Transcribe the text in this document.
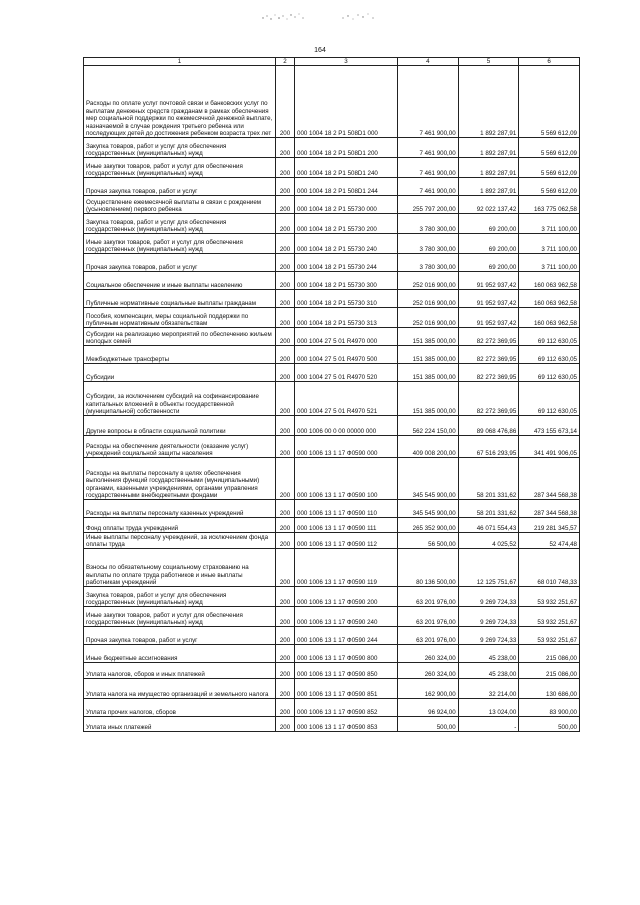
164
1	2	3	4	5	6
Расходы по оплате услуг почтовой связи и банковских услуг по выплатам денежных средств гражданам в рамках обеспечения мер социальной поддержки по ежемесячной денежной выплате, назначаемой в случае рождения третьего ребенка или последующих детей до достижения ребенком возраста трех лет	200	000 1004 18 2 P1 508D1 000	7 461 900,00	1 892 287,91	5 569 612,09
Закупка товаров, работ и услуг для обеспечения государственных (муниципальных) нужд	200	000 1004 18 2 P1 508D1 200	7 461 900,00	1 892 287,91	5 569 612,09
Иные закупки товаров, работ и услуг для обеспечения государственных (муниципальных) нужд	200	000 1004 18 2 P1 508D1 240	7 461 900,00	1 892 287,91	5 569 612,09
Прочая закупка товаров, работ и услуг	200	000 1004 18 2 P1 508D1 244	7 461 900,00	1 892 287,91	5 569 612,09
Осуществление ежемесячной выплаты в связи с рождением (усыновлением) первого ребенка	200	000 1004 18 2 P1 55730 000	255 797 200,00	92 022 137,42	163 775 062,58
Закупка товаров, работ и услуг для обеспечения государственных (муниципальных) нужд	200	000 1004 18 2 P1 55730 200	3 780 300,00	69 200,00	3 711 100,00
Иные закупки товаров, работ и услуг для обеспечения государственных (муниципальных) нужд	200	000 1004 18 2 P1 55730 240	3 780 300,00	69 200,00	3 711 100,00
Прочая закупка товаров, работ и услуг	200	000 1004 18 2 P1 55730 244	3 780 300,00	69 200,00	3 711 100,00
Социальное обеспечение и иные выплаты населению	200	000 1004 18 2 P1 55730 300	252 016 900,00	91 952 937,42	160 063 962,58
Публичные нормативные социальные выплаты гражданам	200	000 1004 18 2 P1 55730 310	252 016 900,00	91 952 937,42	160 063 962,58
Пособия, компенсации, меры социальной поддержки по публичным нормативным обязательствам	200	000 1004 18 2 P1 55730 313	252 016 900,00	91 952 937,42	160 063 962,58
Субсидии на реализацию мероприятий по обеспечению жильем молодых семей	200	000 1004 27 5 01 R4970 000	151 385 000,00	82 272 369,95	69 112 630,05
Межбюджетные трансферты	200	000 1004 27 5 01 R4970 500	151 385 000,00	82 272 369,95	69 112 630,05
Субсидии	200	000 1004 27 5 01 R4970 520	151 385 000,00	82 272 369,95	69 112 630,05
Субсидии, за исключением субсидий на софинансирование капитальных вложений в объекты государственной (муниципальной) собственности	200	000 1004 27 5 01 R4970 521	151 385 000,00	82 272 369,95	69 112 630,05
Другие вопросы в области социальной политики	200	000 1006 00 0 00 00000 000	562 224 150,00	89 068 476,86	473 155 673,14
Расходы на обеспечение деятельности (оказание услуг) учреждений социальной защиты населения	200	000 1006 13 1 17 Ф0590 000	409 008 200,00	67 516 293,95	341 491 906,05
Расходы на выплаты персоналу в целях обеспечения выполнения функций государственными (муниципальными) органами, казенными учреждениями, органами управления государственными внебюджетными фондами	200	000 1006 13 1 17 Ф0590 100	345 545 900,00	58 201 331,62	287 344 568,38
Расходы на выплаты персоналу казенных учреждений	200	000 1006 13 1 17 Ф0590 110	345 545 900,00	58 201 331,62	287 344 568,38
Фонд оплаты труда учреждений	200	000 1006 13 1 17 Ф0590 111	265 352 900,00	46 071 554,43	219 281 345,57
Иные выплаты персоналу учреждений, за исключением фонда оплаты труда	200	000 1006 13 1 17 Ф0590 112	56 500,00	4 025,52	52 474,48
Взносы по обязательному социальному страхованию на выплаты по оплате труда работников и иные выплаты работникам учреждений	200	000 1006 13 1 17 Ф0590 119	80 136 500,00	12 125 751,67	68 010 748,33
Закупка товаров, работ и услуг для обеспечения государственных (муниципальных) нужд	200	000 1006 13 1 17 Ф0590 200	63 201 976,00	9 269 724,33	53 932 251,67
Иные закупки товаров, работ и услуг для обеспечения государственных (муниципальных) нужд	200	000 1006 13 1 17 Ф0590 240	63 201 976,00	9 269 724,33	53 932 251,67
Прочая закупка товаров, работ и услуг	200	000 1006 13 1 17 Ф0590 244	63 201 976,00	9 269 724,33	53 932 251,67
Иные бюджетные ассигнования	200	000 1006 13 1 17 Ф0590 800	260 324,00	45 238,00	215 086,00
Уплата налогов, сборов и иных платежей	200	000 1006 13 1 17 Ф0590 850	260 324,00	45 238,00	215 086,00
Уплата налога на имущество организаций и земельного налога	200	000 1006 13 1 17 Ф0590 851	162 900,00	32 214,00	130 686,00
Уплата прочих налогов, сборов	200	000 1006 13 1 17 Ф0590 852	96 924,00	13 024,00	83 900,00
Уплата иных платежей	200	000 1006 13 1 17 Ф0590 853	500,00	-	500,00
